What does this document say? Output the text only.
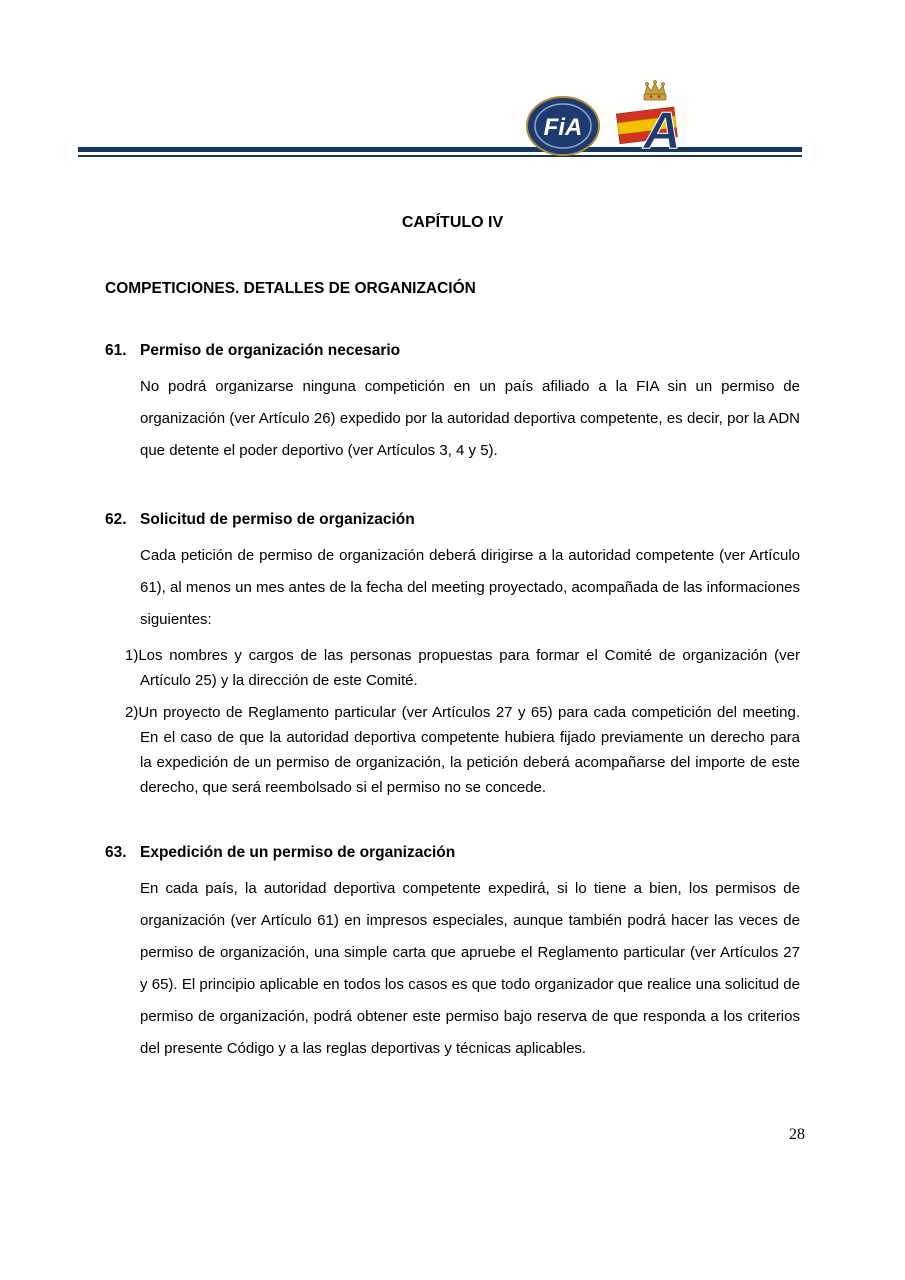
FiA A
CAPÍTULO IV
COMPETICIONES. DETALLES DE ORGANIZACIÓN
61. Permiso de organización necesario

No podrá organizarse ninguna competición en un país afiliado a la FIA sin un permiso de organización (ver Artículo 26) expedido por la autoridad deportiva competente, es decir, por la ADN que detente el poder deportivo (ver Artículos 3, 4 y 5).

62. Solicitud de permiso de organización

Cada petición de permiso de organización deberá dirigirse a la autoridad competente (ver Artículo 61), al menos un mes antes de la fecha del meeting proyectado, acompañada de las informaciones siguientes:

1)Los nombres y cargos de las personas propuestas para formar el Comité de organización (ver Artículo 25) y la dirección de este Comité.
2)Un proyecto de Reglamento particular (ver Artículos 27 y 65) para cada competición del meeting. En el caso de que la autoridad deportiva competente hubiera fijado previamente un derecho para la expedición de un permiso de organización, la petición deberá acompañarse del importe de este derecho, que será reembolsado si el permiso no se concede.
63. Expedición de un permiso de organización

En cada país, la autoridad deportiva competente expedirá, si lo tiene a bien, los permisos de organización (ver Artículo 61) en impresos especiales, aunque también podrá hacer las veces de permiso de organización, una simple carta que apruebe el Reglamento particular (ver Artículos 27 y 65). El principio aplicable en todos los casos es que todo organizador que realice una solicitud de permiso de organización, podrá obtener este permiso bajo reserva de que responda a los criterios del presente Código y a las reglas deportivas y técnicas aplicables.

28
